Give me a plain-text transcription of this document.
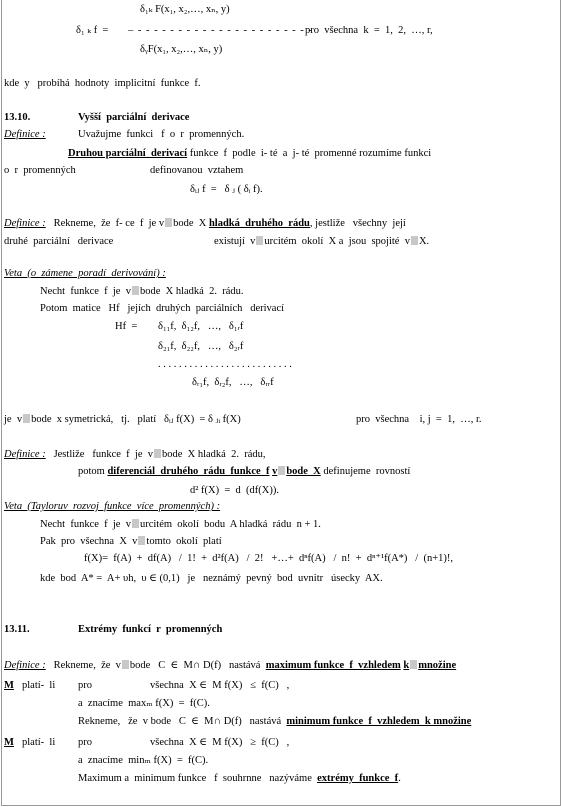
δ₁ₖ F(x₁, x₂,…, xₙ, y)
δ₁ ₖ f  = – - - - - - - - - - - - - - - - - - - - - - -
pro  všechna  k  =  1,  2,  …, r,
δᵧF(x₁, x₂,…, xₙ, y)
kde  y   probíhá  hodnoty  implicitní  funkce  f.
13.10.	Vyšší  parciální  derivace
Definice :	Uvažujme  funkci   f  o  r  promenných.
Druhou parciální  derivací funkce  f  podle  i- té  a  j- té  promenné rozumíme funkci
o  r  promenných	definovanou  vztahem
δᵢⱼ f  =   δ ⱼ ( δᵢ f).
Definice : Rekneme,  že  f- ce  f  je v bode  X hladká  druhého  rádu, jestliže   všechny  její
druhé  parciální   derivace	existují  v urcitém  okolí  X a  jsou  spojité  v X.
Veta  (o  zámene  poradí  derivování) :
Necht  funkce  f  je  v bode  X hladká  2.  rádu.
Potom  matice   Hf   jejích  druhých  parciálních   derivací
Hf  = δ₁₁f,  δ₁₂f,   …,   δ₁ᵣf
δ₂₁f,  δ₂₂f,   …,   δ₂ᵣf
. . . . . . . . . . . . . . . . . . . . . . . . . .
δᵣ₁f,  δᵣ₂f,   …,   δᵣᵣf
je  v bode  x symetrická,   tj.   platí   δᵢⱼ f(X)  = δ ⱼᵢ f(X)	pro  všechna    i, j  =  1,  …, r.
Definice : Jestliže   funkce  f  je  v bode  X hladká  2.  rádu,
potom diferenciál  druhého  rádu  funkce  f v bode  X definujeme  rovností
d² f(X)  =  d  (df(X)).
Veta  (Tayloruv  rozvoj  funkce  více  promenných) :
Necht  funkce  f  je  v urcitém  okolí  bodu  A hladká  rádu  n + 1.
Pak  pro  všechna  X  v tomto  okolí  platí
f(X)=  f(A)  +  df(A)   /  1!  +  d²f(A)   /  2!   +…+  dⁿf(A)   /  n!  +  dⁿ⁺¹f(A*)   /  (n+1)!,
kde  bod  A* =  A+ υh,  υ ∈ (0,1)   je   neznámý  pevný  bod  uvnitr   úsecky  AX.
13.11.	Extrémy  funkcí  r  promenných
Definice : Rekneme,  že  v bode   C  ∈  M∩ D(f)   nastává maximum funkce  f  vzhledem k množine
M platí-  li pro	všechna  X ∈  M f(X)   ≤  f(C)   ,
a  znacíme  maxₘ f(X)  =  f(C).
Rekneme,   že  v bode   C  ∈  M∩ D(f)   nastává minimum funkce  f  vzhledem  k množine
M platí-  li pro	všechna  X ∈  M f(X)   ≥  f(C)   ,
a  znacíme  minₘ f(X)  =  f(C).
Maximum a  minimum funkce   f  souhrnne   nazýváme extrémy  funkce  f.
